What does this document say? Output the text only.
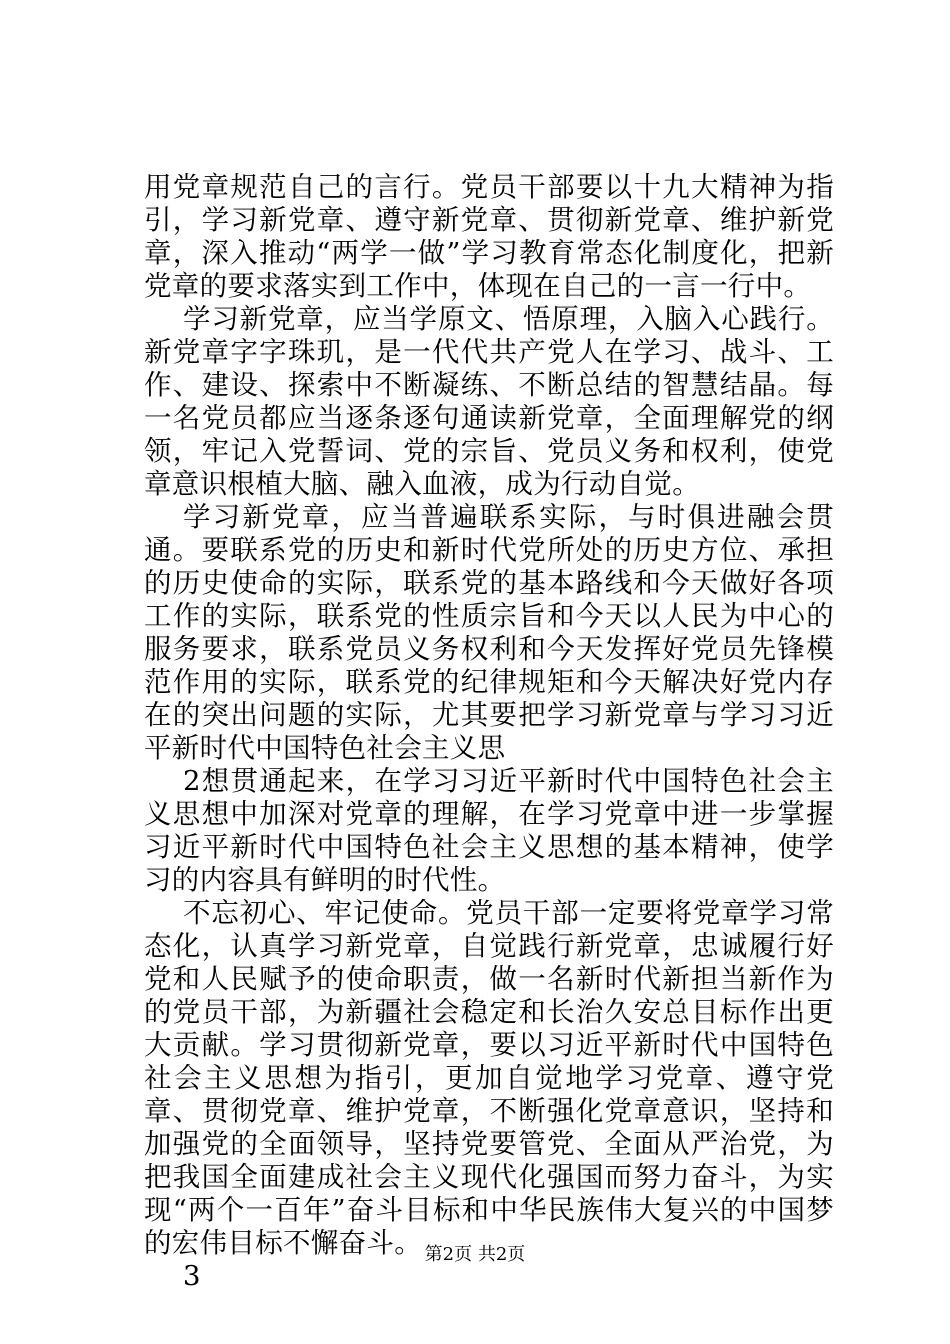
用党章规范自己的言行。党员干部要以十九大精神为指引，学习新党章、遵守新党章、贯彻新党章、维护新党章，深入推动“两学一做”学习教育常态化制度化，把新党章的要求落实到工作中，体现在自己的一言一行中。

学习新党章，应当学原文、悟原理，入脑入心践行。新党章字字珠玑，是一代代共产党人在学习、战斗、工作、建设、探索中不断凝练、不断总结的智慧结晶。每一名党员都应当逐条逐句通读新党章，全面理解党的纲领，牢记入党誓词、党的宗旨、党员义务和权利，使党章意识根植大脑、融入血液，成为行动自觉。

学习新党章，应当普遍联系实际，与时俱进融会贯通。要联系党的历史和新时代党所处的历史方位、承担的历史使命的实际，联系党的基本路线和今天做好各项工作的实际，联系党的性质宗旨和今天以人民为中心的服务要求，联系党员义务权利和今天发挥好党员先锋模范作用的实际，联系党的纪律规矩和今天解决好党内存在的突出问题的实际，尤其要把学习新党章与学习习近平新时代中国特色社会主义思

2想贯通起来，在学习习近平新时代中国特色社会主义思想中加深对党章的理解，在学习党章中进一步掌握习近平新时代中国特色社会主义思想的基本精神，使学习的内容具有鲜明的时代性。

不忘初心、牢记使命。党员干部一定要将党章学习常态化，认真学习新党章，自觉践行新党章，忠诚履行好党和人民赋予的使命职责，做一名新时代新担当新作为的党员干部，为新疆社会稳定和长治久安总目标作出更大贡献。学习贯彻新党章，要以习近平新时代中国特色社会主义思想为指引，更加自觉地学习党章、遵守党章、贯彻党章、维护党章，不断强化党章意识，坚持和加强党的全面领导，坚持党要管党、全面从严治党，为把我国全面建成社会主义现代化强国而努力奋斗，为实现“两个一百年”奋斗目标和中华民族伟大复兴的中国梦的宏伟目标不懈奋斗。

3

第2页 共2页
